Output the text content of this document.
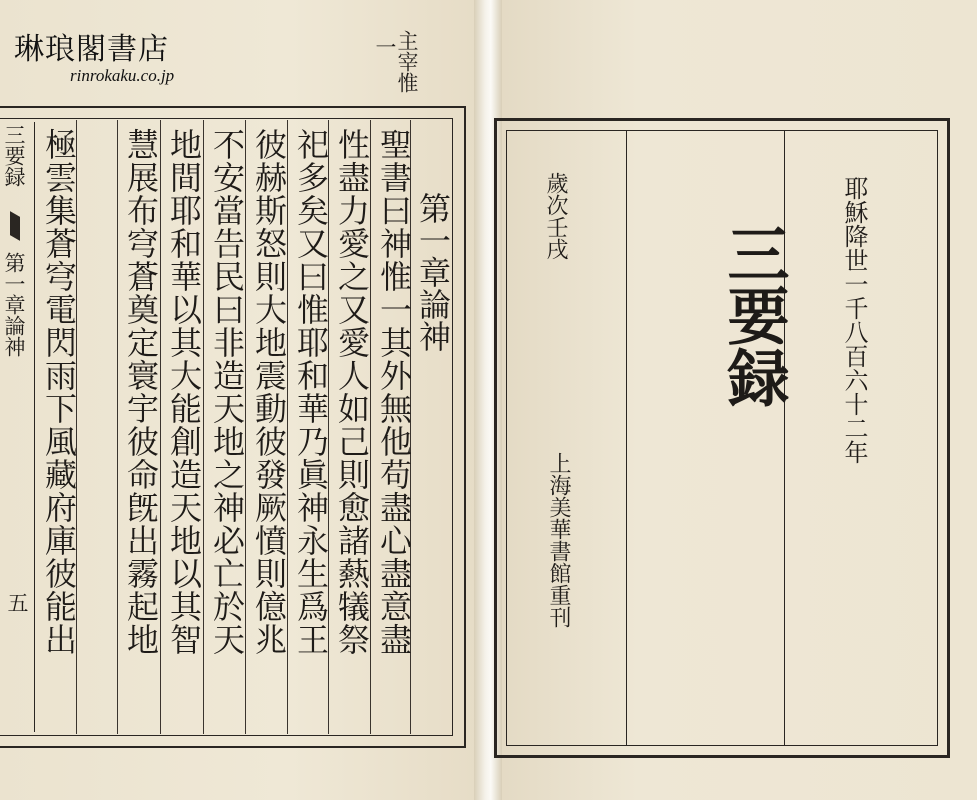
琳琅閣書店
rinrokaku.co.jp	主宰惟
一
三要録
第一章論神
五
第一章論神
聖書曰神惟一其外無他苟盡心盡意盡
性盡力愛之又愛人如己則愈諸爇犠祭
祀多矣又曰惟耶和華乃眞神永生爲王
彼赫斯怒則大地震動彼發厥憤則億兆
不安當告民曰非造天地之神必亡於天
地間耶和華以其大能創造天地以其智
慧展布穹蒼奠定寰宇彼命旣出霧起地
極雲集蒼穹電閃雨下風藏府庫彼能出	耶穌降世一千八百六十二年
三要録
歲次壬戌
上海美華書館重刊
